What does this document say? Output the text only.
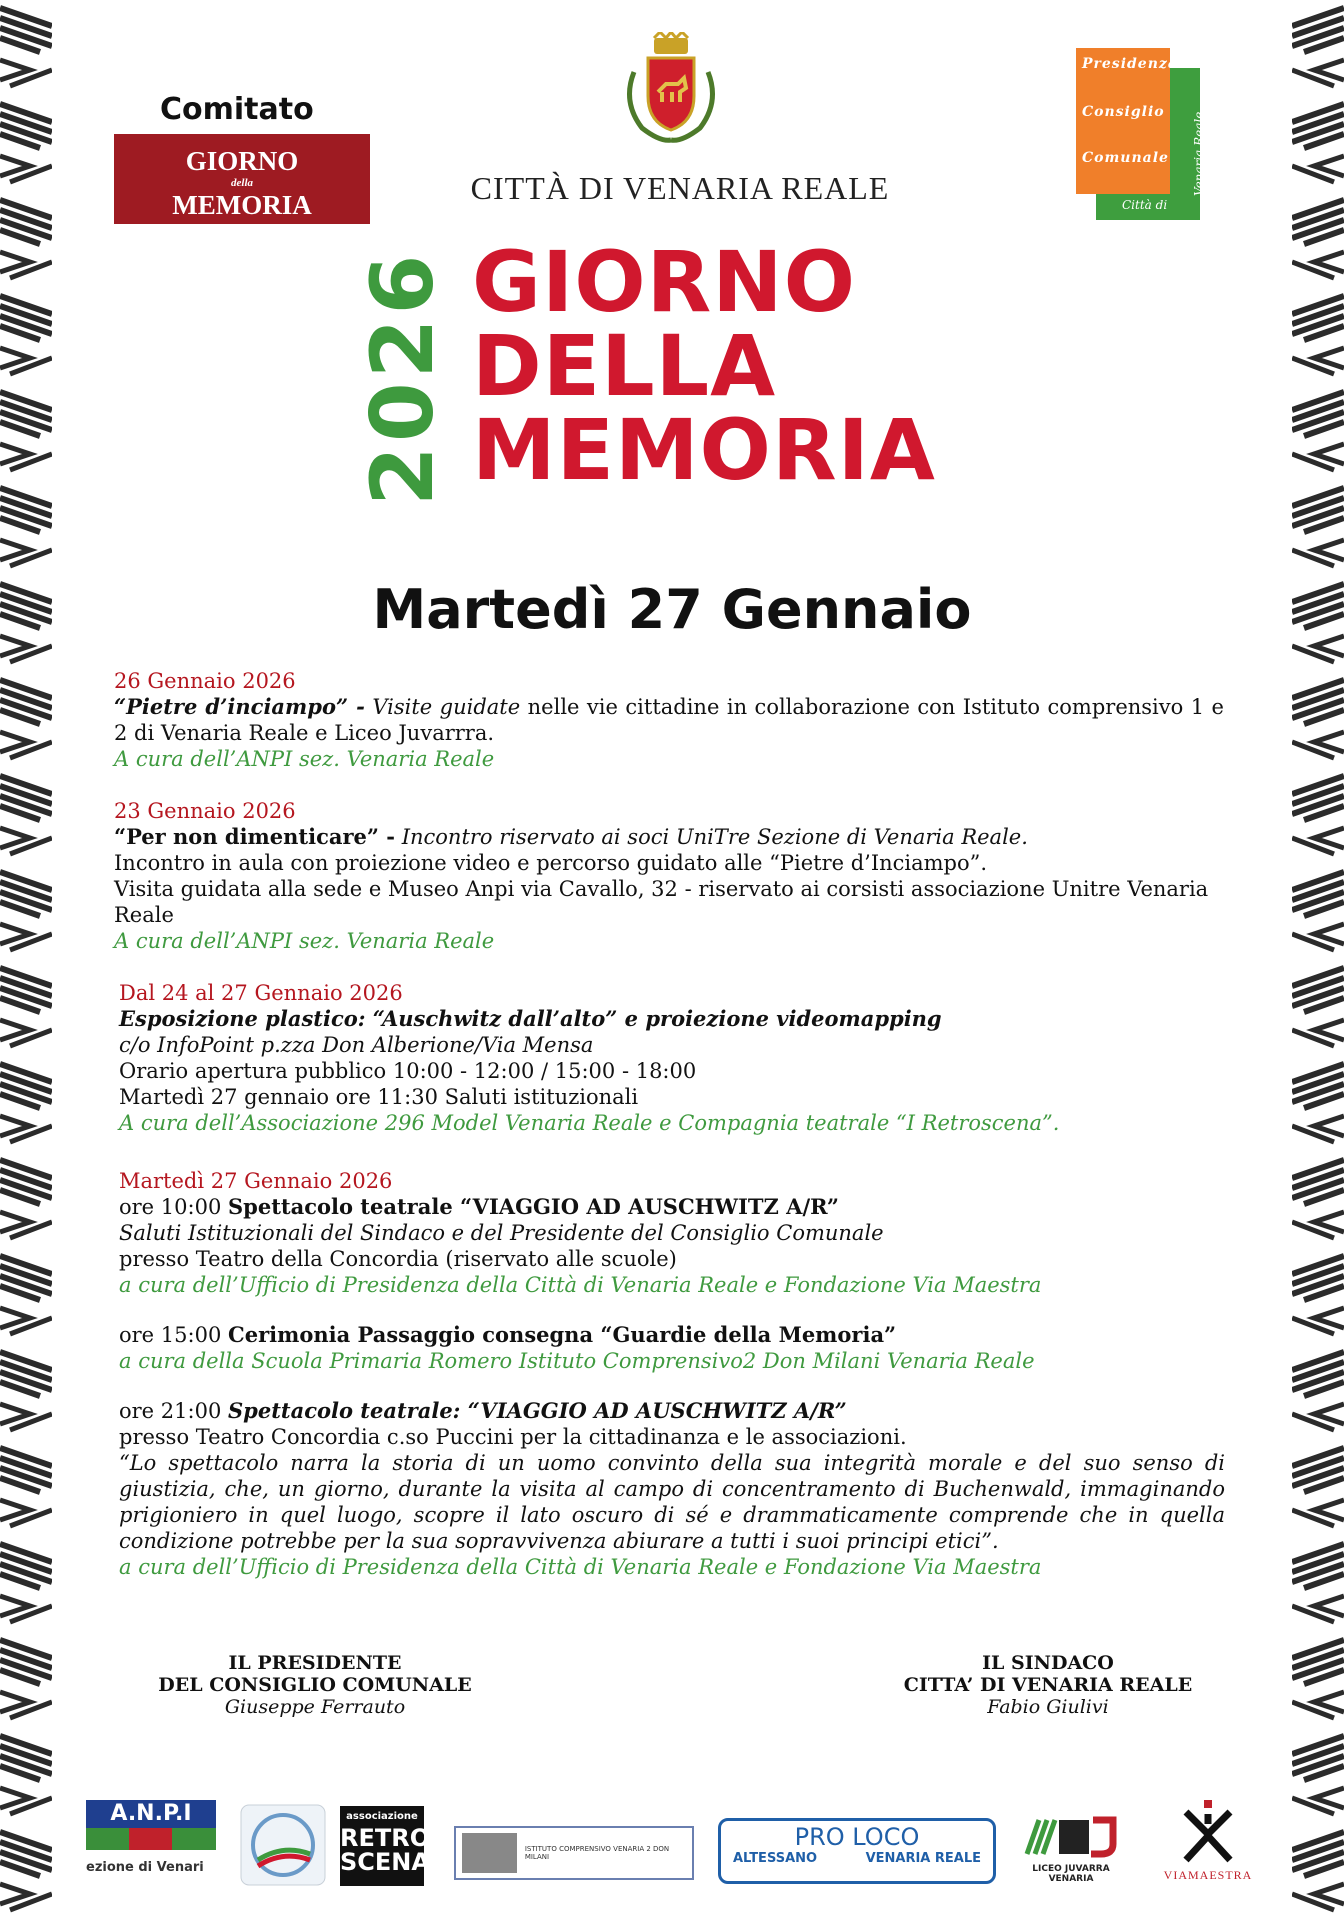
Comitato
GIORNO
della
MEMORIA	CITTÀ DI VENARIA REALE
Presidenza
Consiglio
Comunale
Città di
Venaria Reale
2026 GIORNO
DELLA
MEMORIA
Martedì 27 Gennaio
26 Gennaio 2026
“Pietre d’inciampo” - Visite guidate nelle vie cittadine in collaborazione con Istituto comprensivo 1 e 2 di Venaria Reale e Liceo Juvarrra.
A cura dell’ANPI sez. Venaria Reale
23 Gennaio 2026
“Per non dimenticare” - Incontro riservato ai soci UniTre Sezione di Venaria Reale.
Incontro in aula con proiezione video e percorso guidato alle “Pietre d’Inciampo”.
Visita guidata alla sede e Museo Anpi via Cavallo, 32 - riservato ai corsisti associazione Unitre Venaria Reale
A cura dell’ANPI sez. Venaria Reale
Dal 24 al 27 Gennaio 2026
Esposizione plastico: “Auschwitz dall’alto” e proiezione videomapping
c/o InfoPoint p.zza Don Alberione/Via Mensa
Orario apertura pubblico 10:00 - 12:00 / 15:00 - 18:00
Martedì 27 gennaio ore 11:30 Saluti istituzionali
A cura dell’Associazione 296 Model Venaria Reale e Compagnia teatrale “I Retroscena”.
Martedì 27 Gennaio 2026
ore 10:00 Spettacolo teatrale “VIAGGIO AD AUSCHWITZ A/R”
Saluti Istituzionali del Sindaco e del Presidente del Consiglio Comunale
presso Teatro della Concordia (riservato alle scuole)
a cura dell’Ufficio di Presidenza della Città di Venaria Reale e Fondazione Via Maestra
ore 15:00 Cerimonia Passaggio consegna “Guardie della Memoria”
a cura della Scuola Primaria Romero Istituto Comprensivo2 Don Milani Venaria Reale
ore 21:00 Spettacolo teatrale: “VIAGGIO AD AUSCHWITZ A/R”
presso Teatro Concordia c.so Puccini per la cittadinanza e le associazioni.
“Lo spettacolo narra la storia di un uomo convinto della sua integrità morale e del suo senso di giustizia, che, un giorno, durante la visita al campo di concentramento di Buchenwald, immaginando prigioniero in quel luogo, scopre il lato oscuro di sé e drammaticamente comprende che in quella condizione potrebbe per la sua sopravvivenza abiurare a tutti i suoi principi etici”.
a cura dell’Ufficio di Presidenza della Città di Venaria Reale e Fondazione Via Maestra
IL PRESIDENTE
DEL CONSIGLIO COMUNALE
Giuseppe Ferrauto
IL SINDACO
CITTA’ DI VENARIA REALE
Fabio Giulivi
A.N.P.I
ezione di Venari
associazione
RETRO
SCENA	ISTITUTO COMPRENSIVO VENARIA 2 DON MILANI
PRO LOCO
ALTESSANO	VENARIA REALE
LICEO JUVARRA VENARIA	VIAMAESTRA
